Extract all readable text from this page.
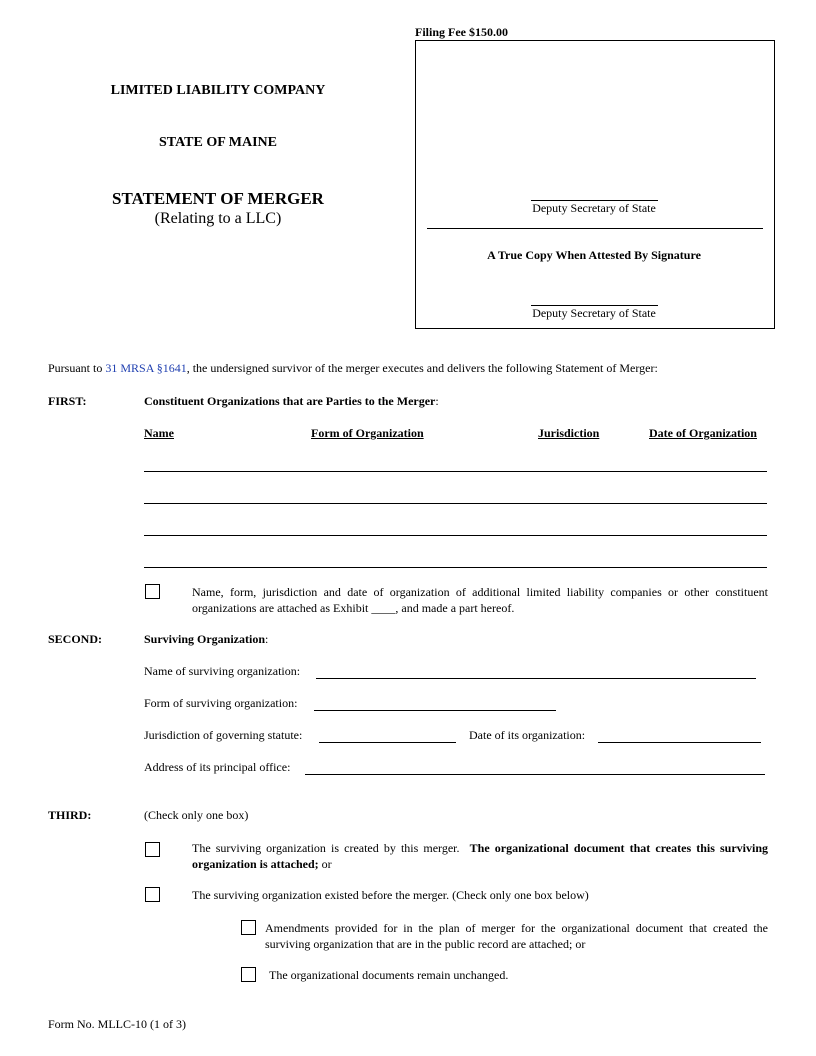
Filing Fee $150.00
Deputy Secretary of State
A True Copy When Attested By Signature
Deputy Secretary of State
LIMITED LIABILITY COMPANY
STATE OF MAINE
STATEMENT OF MERGER
(Relating to a LLC)
Pursuant to 31 MRSA §1641, the undersigned survivor of the merger executes and delivers the following Statement of Merger:
FIRST:	Constituent Organizations that are Parties to the Merger:
Name	Form of Organization	Jurisdiction	Date of Organization
Name, form, jurisdiction and date of organization of additional limited liability companies or other constituent organizations are attached as Exhibit ____, and made a part hereof.
SECOND:	Surviving Organization:
Name of surviving organization:
Form of surviving organization:
Jurisdiction of governing statute:	Date of its organization:
Address of its principal office:
THIRD:	(Check only one box)
The surviving organization is created by this merger. The organizational document that creates this surviving organization is attached; or
The surviving organization existed before the merger. (Check only one box below)
Amendments provided for in the plan of merger for the organizational document that created the surviving organization that are in the public record are attached; or
The organizational documents remain unchanged.
Form No. MLLC-10 (1 of 3)
